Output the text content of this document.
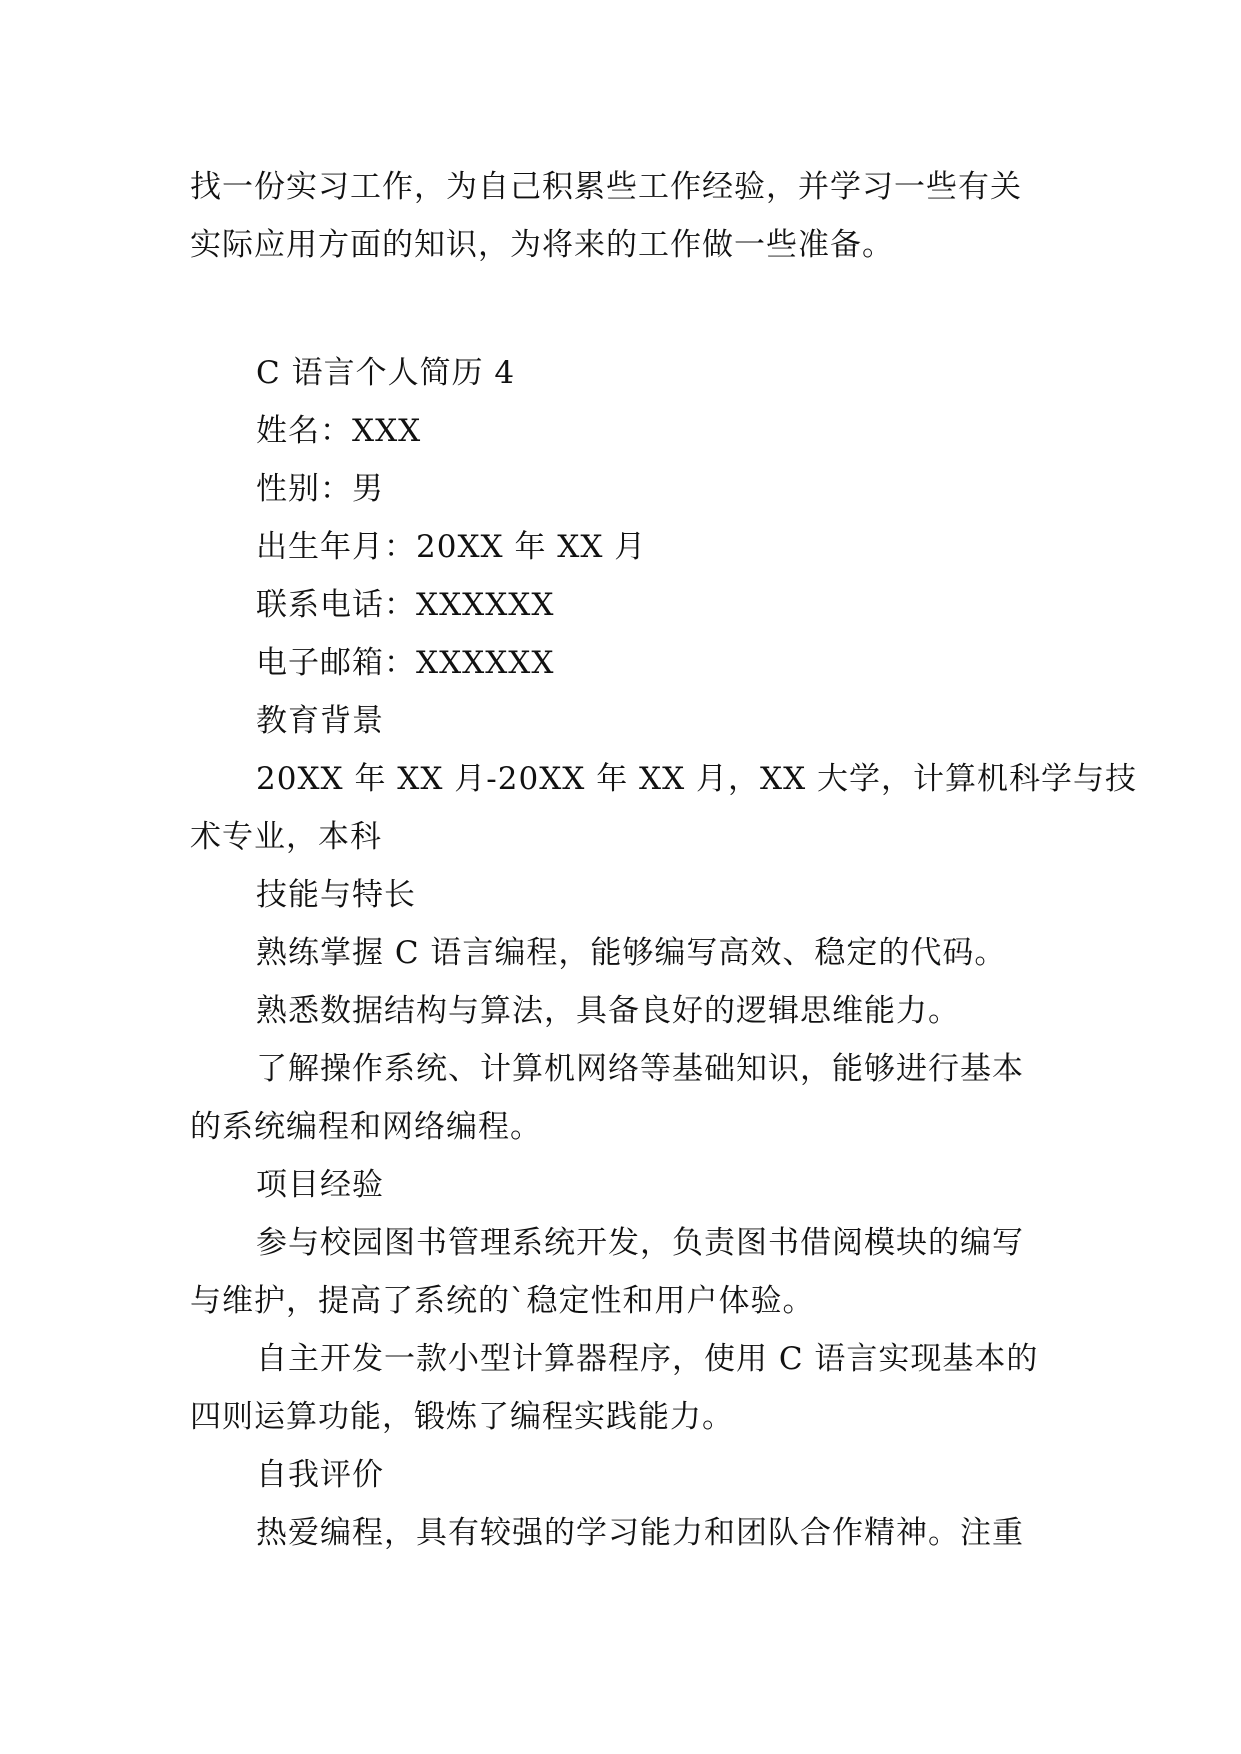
找一份实习工作，为自己积累些工作经验，并学习一些有关
实际应用方面的知识，为将来的工作做一些准备。
C 语言个人简历 4
姓名：XXX
性别：男
出生年月：20XX 年 XX 月
联系电话：XXXXXX
电子邮箱：XXXXXX
教育背景
20XX 年 XX 月-20XX 年 XX 月，XX 大学，计算机科学与技
术专业，本科
技能与特长
熟练掌握 C 语言编程，能够编写高效、稳定的代码。
熟悉数据结构与算法，具备良好的逻辑思维能力。
了解操作系统、计算机网络等基础知识，能够进行基本
的系统编程和网络编程。
项目经验
参与校园图书管理系统开发，负责图书借阅模块的编写
与维护，提高了系统的`稳定性和用户体验。
自主开发一款小型计算器程序，使用 C 语言实现基本的
四则运算功能，锻炼了编程实践能力。
自我评价
热爱编程，具有较强的学习能力和团队合作精神。注重
